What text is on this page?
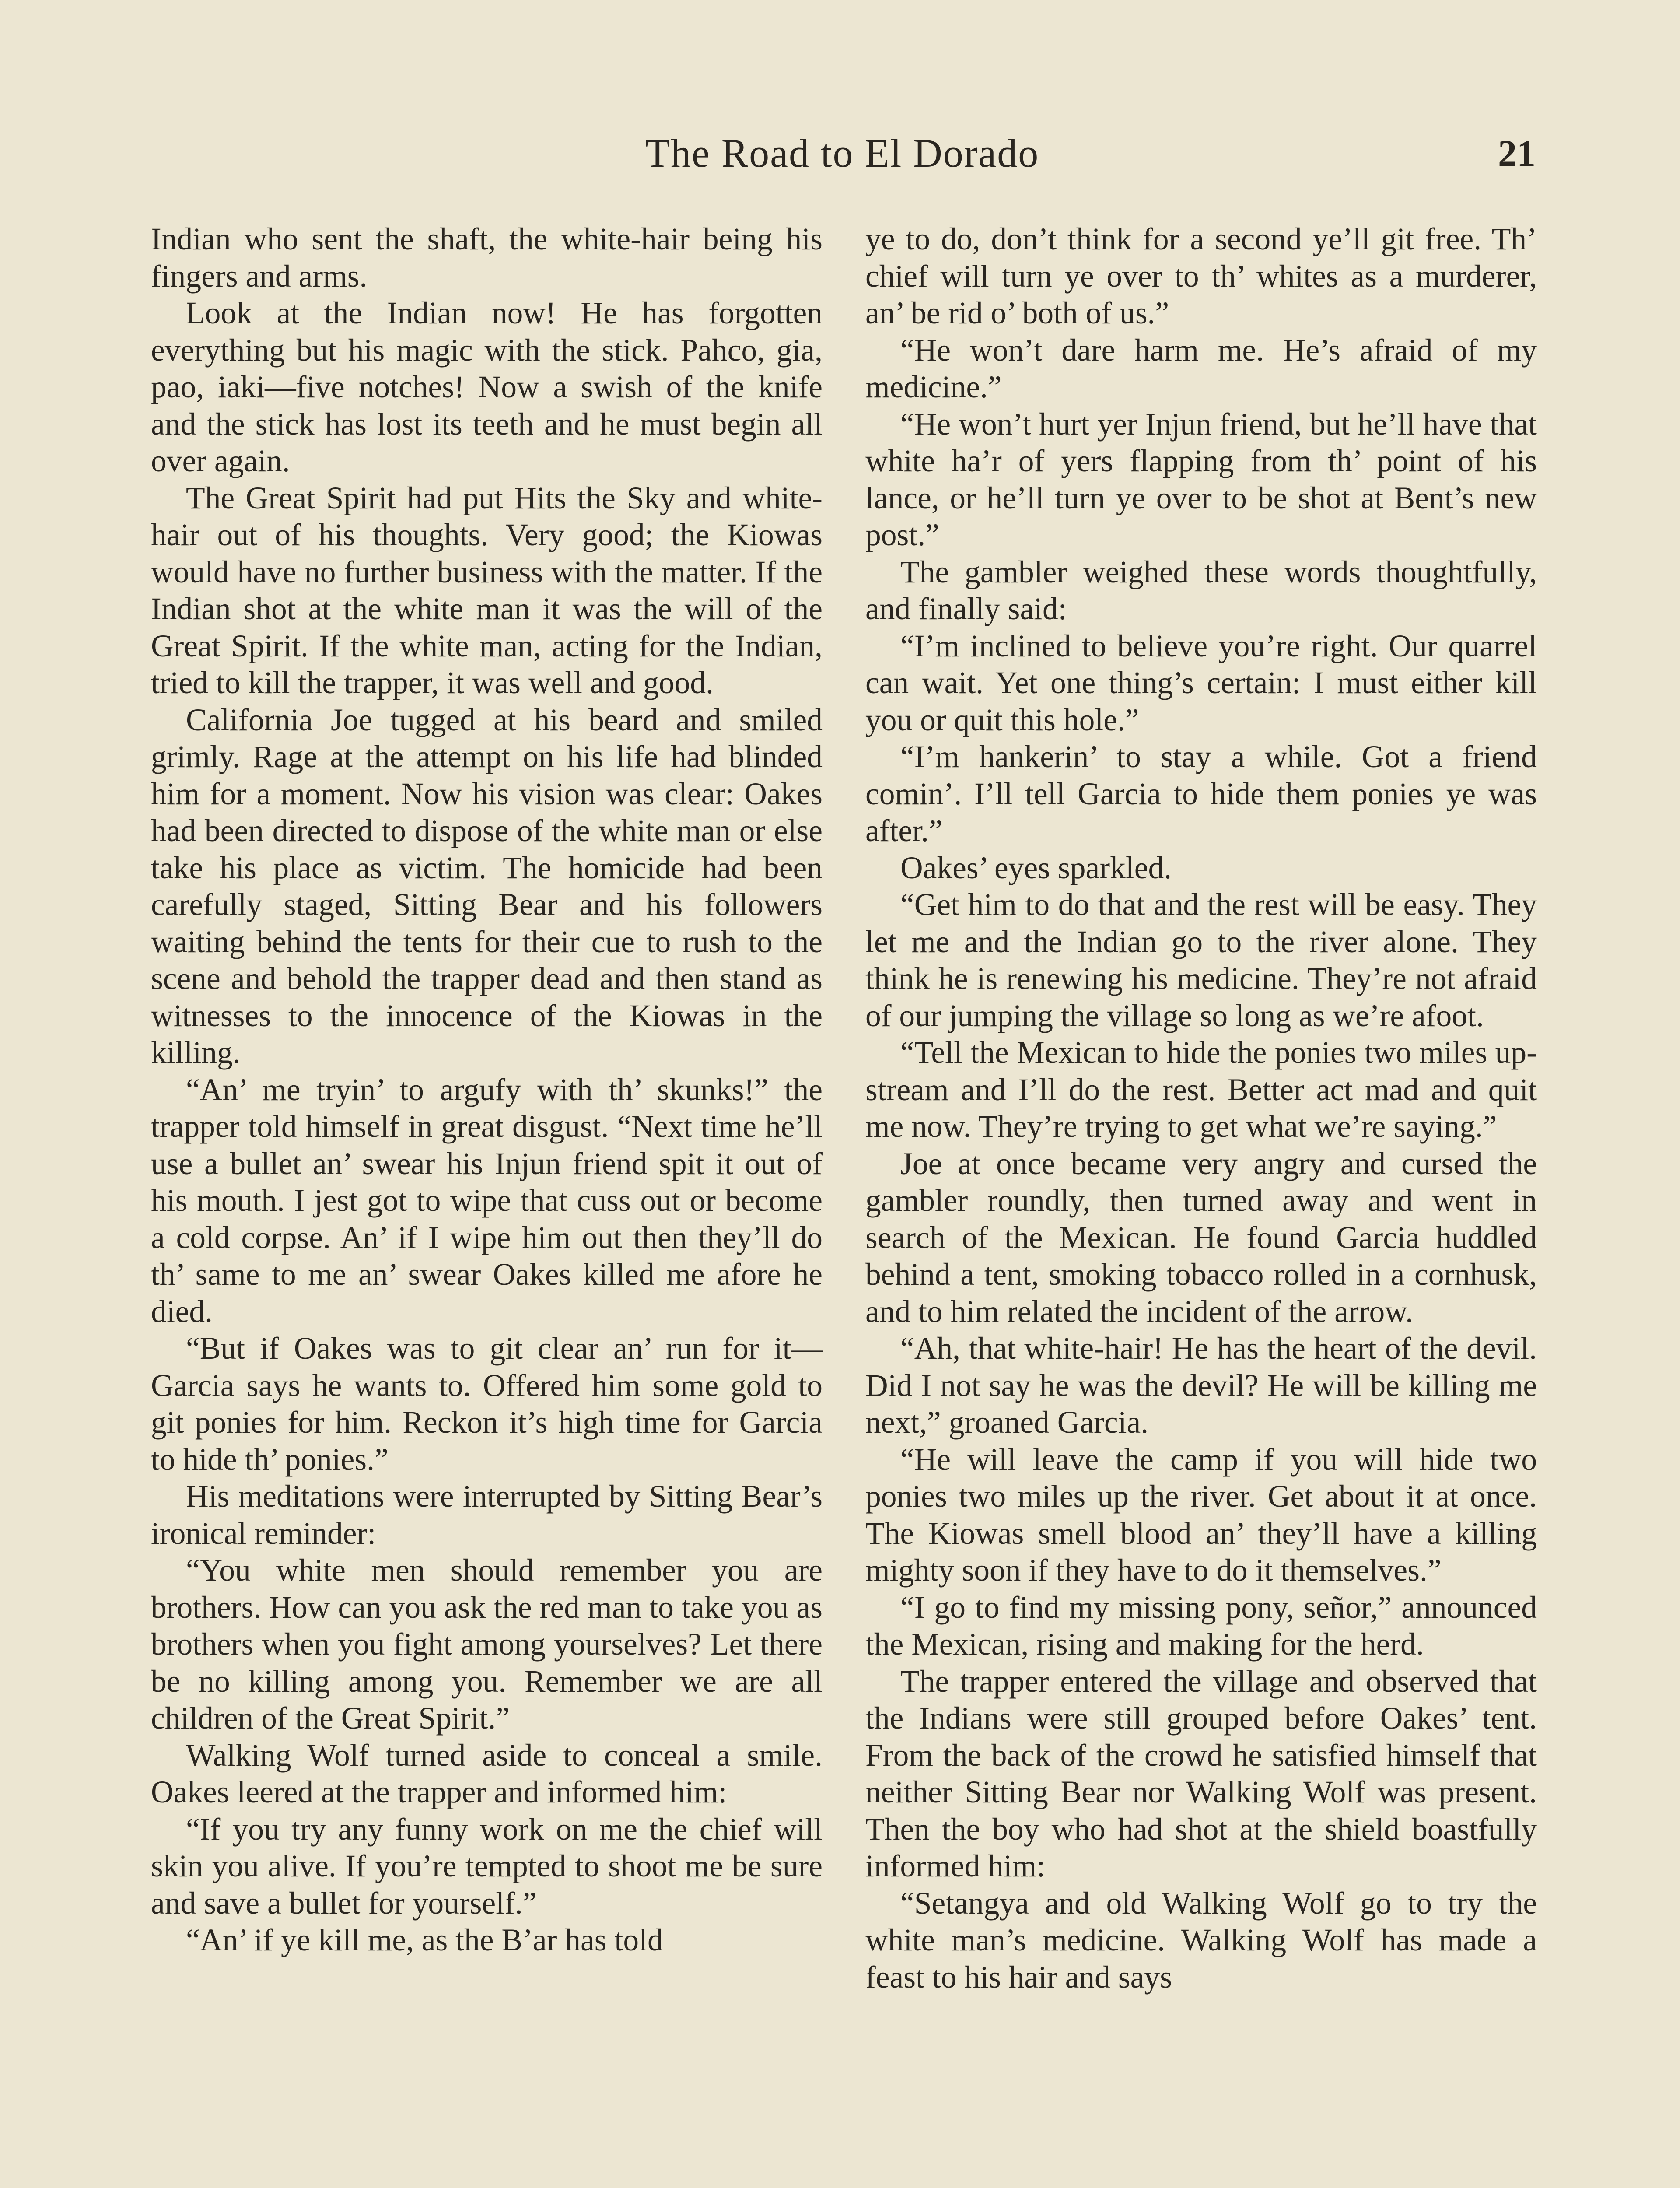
The Road to El Dorado	21

Indian who sent the shaft, the white-hair being his fingers and arms.

Look at the Indian now! He has forgotten everything but his magic with the stick. Pahco, gia, pao, iaki—five notches! Now a swish of the knife and the stick has lost its teeth and he must begin all over again.

The Great Spirit had put Hits the Sky and white-hair out of his thoughts. Very good; the Kiowas would have no further business with the matter. If the Indian shot at the white man it was the will of the Great Spirit. If the white man, acting for the Indian, tried to kill the trapper, it was well and good.

California Joe tugged at his beard and smiled grimly. Rage at the attempt on his life had blinded him for a moment. Now his vision was clear: Oakes had been directed to dispose of the white man or else take his place as victim. The homicide had been carefully staged, Sitting Bear and his followers waiting behind the tents for their cue to rush to the scene and behold the trapper dead and then stand as witnesses to the innocence of the Kiowas in the killing.

“An’ me tryin’ to argufy with th’ skunks!” the trapper told himself in great disgust. “Next time he’ll use a bullet an’ swear his Injun friend spit it out of his mouth. I jest got to wipe that cuss out or become a cold corpse. An’ if I wipe him out then they’ll do th’ same to me an’ swear Oakes killed me afore he died.

“But if Oakes was to git clear an’ run for it— Garcia says he wants to. Offered him some gold to git ponies for him. Reckon it’s high time for Garcia to hide th’ ponies.”

His meditations were interrupted by Sitting Bear’s ironical reminder:

“You white men should remember you are brothers. How can you ask the red man to take you as brothers when you fight among yourselves? Let there be no killing among you. Remember we are all children of the Great Spirit.”

Walking Wolf turned aside to conceal a smile. Oakes leered at the trapper and informed him:

“If you try any funny work on me the chief will skin you alive. If you’re tempted to shoot me be sure and save a bullet for yourself.”

“An’ if ye kill me, as the B’ar has told

ye to do, don’t think for a second ye’ll git free. Th’ chief will turn ye over to th’ whites as a murderer, an’ be rid o’ both of us.”

“He won’t dare harm me. He’s afraid of my medicine.”

“He won’t hurt yer Injun friend, but he’ll have that white ha’r of yers flapping from th’ point of his lance, or he’ll turn ye over to be shot at Bent’s new post.”

The gambler weighed these words thoughtfully, and finally said:

“I’m inclined to believe you’re right. Our quarrel can wait. Yet one thing’s certain: I must either kill you or quit this hole.”

“I’m hankerin’ to stay a while. Got a friend comin’. I’ll tell Garcia to hide them ponies ye was after.”

Oakes’ eyes sparkled.

“Get him to do that and the rest will be easy. They let me and the Indian go to the river alone. They think he is renewing his medicine. They’re not afraid of our jumping the village so long as we’re afoot.

“Tell the Mexican to hide the ponies two miles up-stream and I’ll do the rest. Better act mad and quit me now. They’re trying to get what we’re saying.”

Joe at once became very angry and cursed the gambler roundly, then turned away and went in search of the Mexican. He found Garcia huddled behind a tent, smoking tobacco rolled in a cornhusk, and to him related the incident of the arrow.

“Ah, that white-hair! He has the heart of the devil. Did I not say he was the devil? He will be killing me next,” groaned Garcia.

“He will leave the camp if you will hide two ponies two miles up the river. Get about it at once. The Kiowas smell blood an’ they’ll have a killing mighty soon if they have to do it themselves.”

“I go to find my missing pony, señor,” announced the Mexican, rising and making for the herd.

The trapper entered the village and observed that the Indians were still grouped before Oakes’ tent. From the back of the crowd he satisfied himself that neither Sitting Bear nor Walking Wolf was present. Then the boy who had shot at the shield boastfully informed him:

“Setangya and old Walking Wolf go to try the white man’s medicine. Walking Wolf has made a feast to his hair and says
